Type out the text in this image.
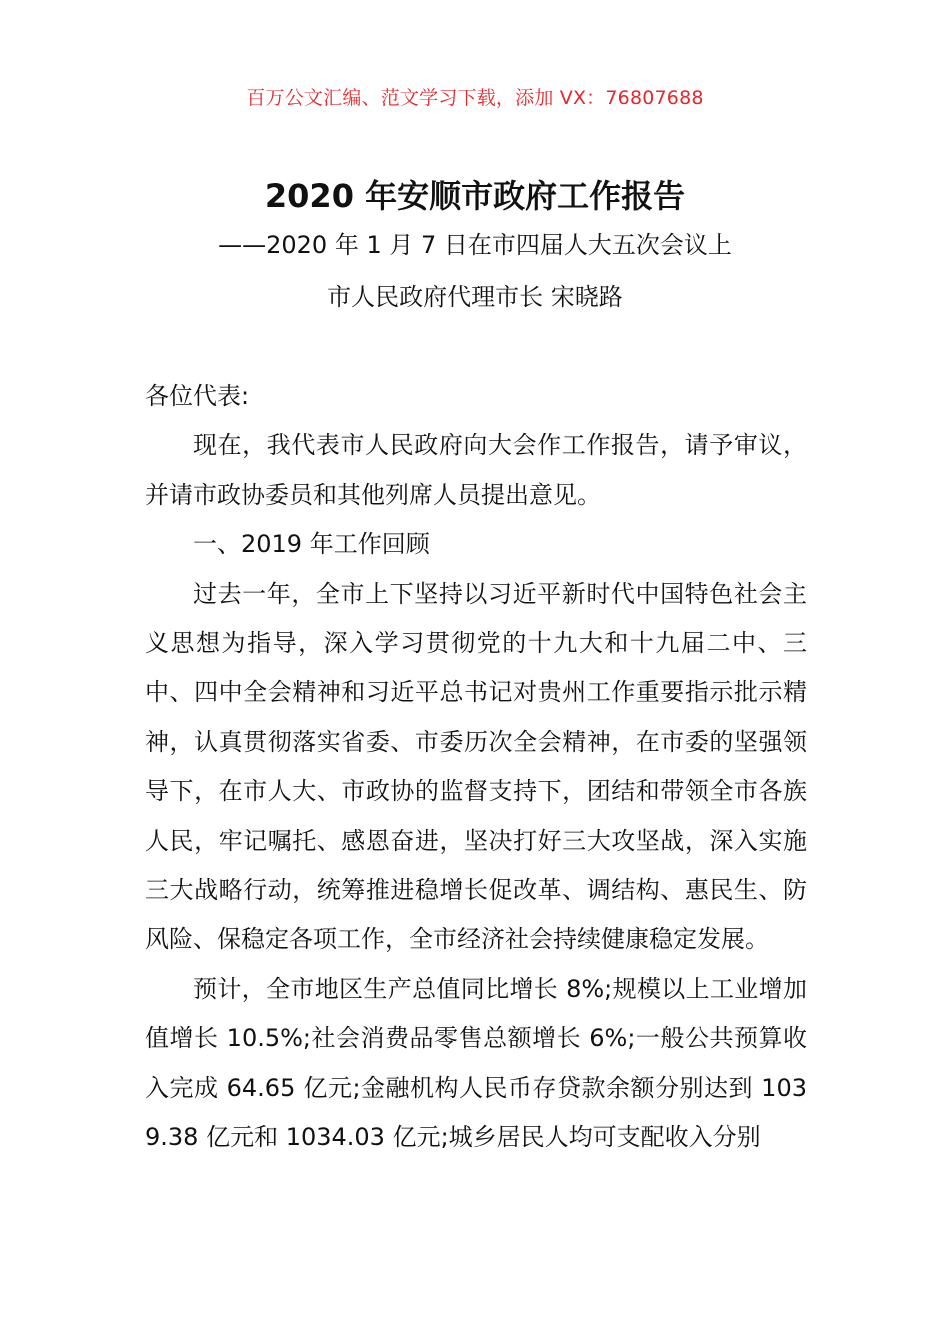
百万公文汇编、范文学习下载，添加 VX：76807688
2020 年安顺市政府工作报告
——2020 年 1 月 7 日在市四届人大五次会议上
市人民政府代理市长 宋晓路

各位代表:

现在，我代表市人民政府向大会作工作报告，请予审议，并请市政协委员和其他列席人员提出意见。

一、2019 年工作回顾

过去一年，全市上下坚持以习近平新时代中国特色社会主义思想为指导，深入学习贯彻党的十九大和十九届二中、三中、四中全会精神和习近平总书记对贵州工作重要指示批示精神，认真贯彻落实省委、市委历次全会精神，在市委的坚强领导下，在市人大、市政协的监督支持下，团结和带领全市各族人民，牢记嘱托、感恩奋进，坚决打好三大攻坚战，深入实施三大战略行动，统筹推进稳增长促改革、调结构、惠民生、防风险、保稳定各项工作，全市经济社会持续健康稳定发展。

预计，全市地区生产总值同比增长 8%;规模以上工业增加值增长 10.5%;社会消费品零售总额增长 6%;一般公共预算收入完成 64.65 亿元;金融机构人民币存贷款余额分别达到 1039.38 亿元和 1034.03 亿元;城乡居民人均可支配收入分别
